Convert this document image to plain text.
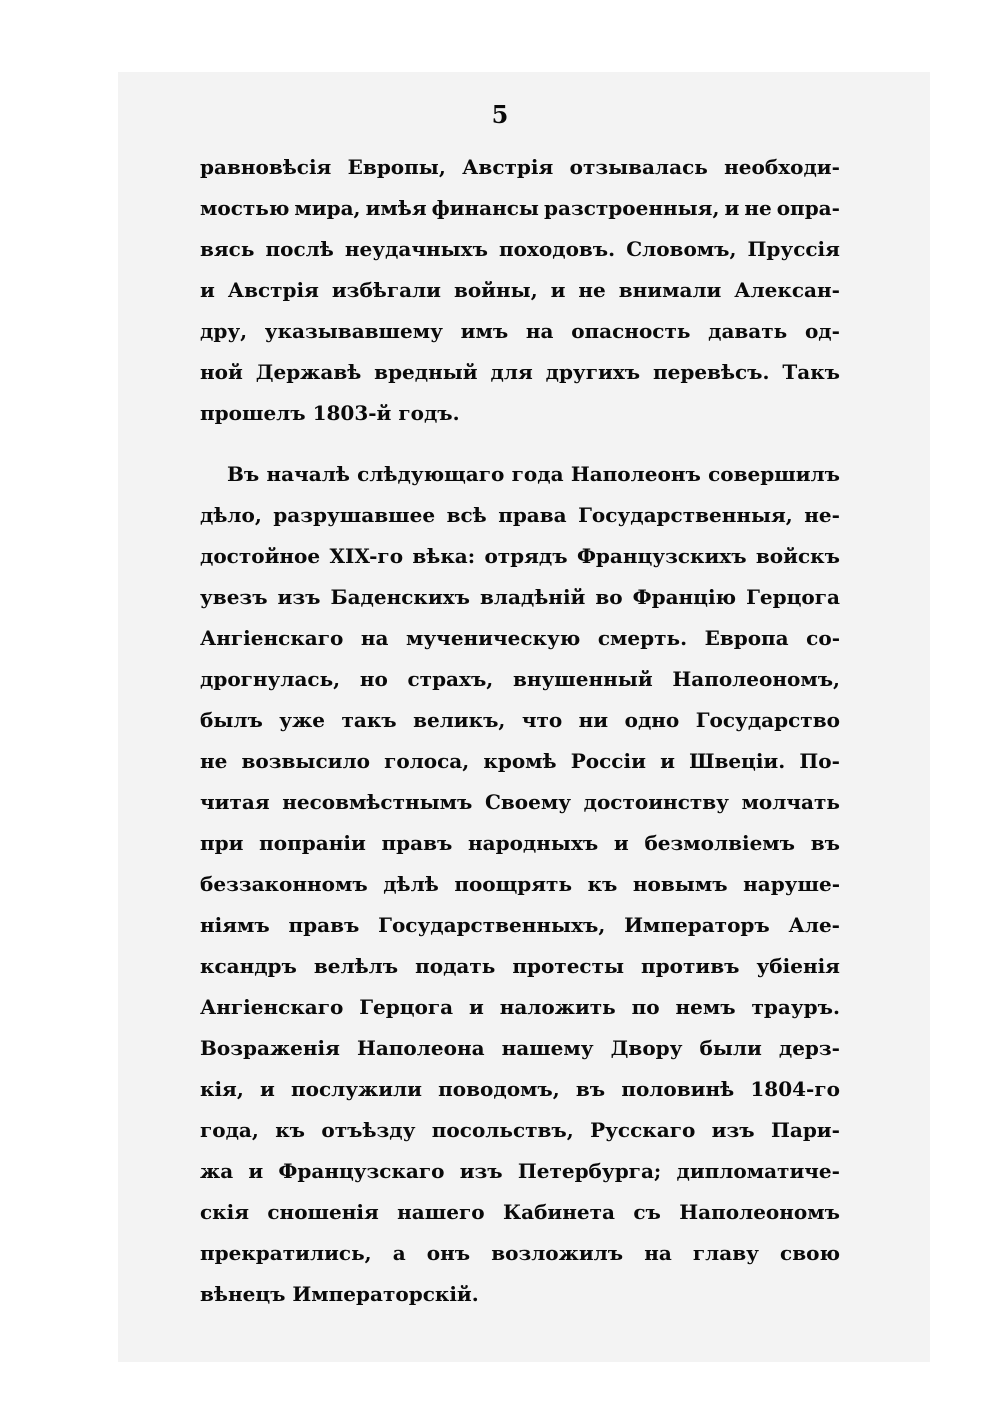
5
равновѣсія Европы, Австрія отзывалась необходи-
мостью мира, имѣя финансы разстроенныя, и не опра-
вясь послѣ неудачныхъ походовъ. Словомъ, Пруссія
и Австрія избѣгали войны, и не внимали Алексан-
дру, указывавшему имъ на опасность давать од-
ной Державѣ вредный для другихъ перевѣсъ. Такъ
прошелъ 1803-й годъ.
Въ началѣ слѣдующаго года Наполеонъ совершилъ
дѣло, разрушавшее всѣ права Государственныя, не-
достойное XIX-го вѣка: отрядъ Французскихъ войскъ
увезъ изъ Баденскихъ владѣній во Францію Герцога
Ангіенскаго на мученическую смерть. Европа со-
дрогнулась, но страхъ, внушенный Наполеономъ,
былъ уже такъ великъ, что ни одно Государство
не возвысило голоса, кромѣ Россіи и Швеціи. По-
читая несовмѣстнымъ Своему достоинству молчать
при попраніи правъ народныхъ и безмолвіемъ въ
беззаконномъ дѣлѣ поощрять къ новымъ наруше-
ніямъ правъ Государственныхъ, Императоръ Але-
ксандръ велѣлъ подать протесты противъ убіенія
Ангіенскаго Герцога и наложить по немъ трауръ.
Возраженія Наполеона нашему Двору были дерз-
кія, и послужили поводомъ, въ половинѣ 1804-го
года, къ отъѣзду посольствъ, Русскаго изъ Пари-
жа и Французскаго изъ Петербурга; дипломатиче-
скія сношенія нашего Кабинета съ Наполеономъ
прекратились, а онъ возложилъ на главу свою
вѣнецъ Императорскій.
